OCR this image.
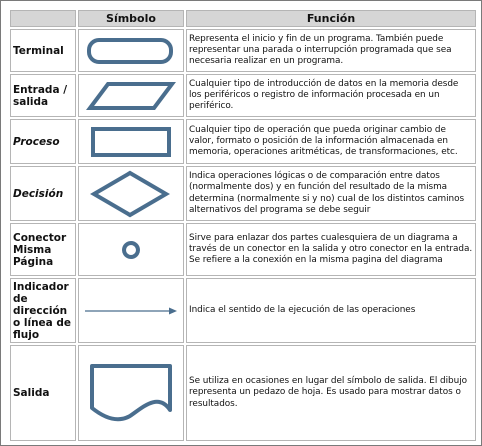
	Símbolo	Función
Terminal		Representa el inicio y fin de un programa. También puede representar una parada o interrupción programada que sea necesaria realizar en un programa.
Entrada / salida		Cualquier tipo de introducción de datos en la memoria desde los periféricos o registro de información procesada en un periférico.
Proceso		Cualquier tipo de operación que pueda originar cambio de valor, formato o posición de la información almacenada en memoria, operaciones aritméticas, de transformaciones, etc.
Decisión		Indica operaciones lógicas o de comparación entre datos (normalmente dos) y en función del resultado de la misma determina (normalmente si y no) cual de los distintos caminos alternativos del programa se debe seguir
Conector Misma Página		Sirve para enlazar dos partes cualesquiera de un diagrama a través de un conector en la salida y otro conector en la entrada. Se refiere a la conexión en la misma pagina del diagrama
Indicador de dirección o línea de flujo		Indica el sentido de la ejecución de las operaciones
Salida		Se utiliza en ocasiones en lugar del símbolo de salida. El dibujo representa un pedazo de hoja. Es usado para mostrar datos o resultados.
